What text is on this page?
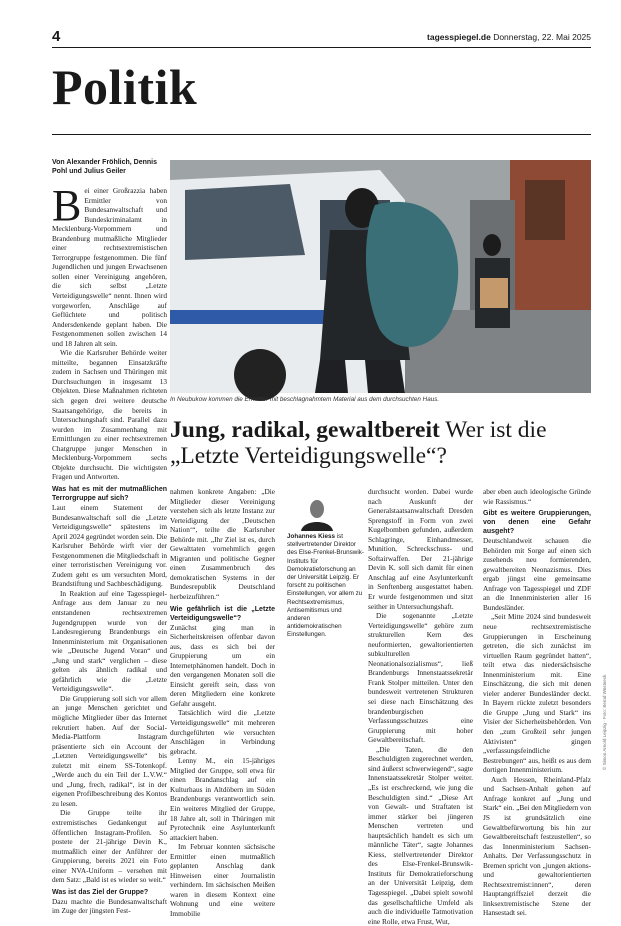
4	tagesspiegel.de Donnerstag, 22. Mai 2025
Politik
Von Alexander Fröhlich, Dennis Pohl und Julius Geiler

Bei einer Großrazzia haben Ermittler von Bundesanwaltschaft und Bundeskriminalamt in Mecklenburg-Vorpommern und Brandenburg mutmaßliche Mitglieder einer rechtsextremistischen Terrorgruppe festgenommen. Die fünf Jugendlichen und jungen Erwachsenen sollen einer Vereinigung angehören, die sich selbst „Letzte Verteidigungswelle“ nennt. Ihnen wird vorgeworfen, Anschläge auf Geflüchtete und politisch Andersdenkende geplant haben. Die Festgenommenen sollen zwischen 14 und 18 Jahren alt sein.

Wie die Karlsruher Behörde weiter mitteilte, begannen Einsatzkräfte zudem in Sachsen und Thüringen mit Durchsuchungen in insgesamt 13 Objekten. Diese Maßnahmen richteten sich gegen drei weitere deutsche Staatsangehörige, die bereits in Untersuchungshaft sind. Parallel dazu wurden im Zusammenhang mit Ermittlungen zu einer rechtsextremen Chatgruppe junger Menschen in Mecklenburg-Vorpommern sechs Objekte durchsucht. Die wichtigsten Fragen und Antworten.

Was hat es mit der mutmaßlichen Terrorgruppe auf sich?

Laut einem Statement der Bundesanwaltschaft soll die „Letzte Verteidigungswelle“ spätestens im April 2024 gegründet worden sein. Die Karlsruher Behörde wirft vier der Festgenommenen die Mitgliedschaft in einer terroristischen Vereinigung vor. Zudem geht es um versuchten Mord, Brandstiftung und Sachbeschädigung.

In Reaktion auf eine Tagesspiegel-Anfrage aus dem Januar zu neu entstandenen rechtsextremen Jugendgruppen wurde von der Landesregierung Brandenburgs ein Innenministerium mit Organisationen wie „Deutsche Jugend Voran“ und „Jung und stark“ verglichen – diese gelten als ähnlich radikal und gefährlich wie die „Letzte Verteidigungswelle“.

Die Gruppierung soll sich vor allem an junge Menschen gerichtet und mögliche Mitglieder über das Internet rekrutiert haben. Auf der Social-Media-Plattform Instagram präsentierte sich ein Account der „Letzten Verteidigungswelle“ bis zuletzt mit einem SS-Totenkopf. „Werde auch du ein Teil der L.V.W.“ und „Jung, frech, radikal“, ist in der eigenen Profilbeschreibung des Kontos zu lesen.

Die Gruppe teilte ihr extremistisches Gedankengut auf öffentlichen Instagram-Profilen. So postete der 21-jährige Devin K., mutmaßlich einer der Anführer der Gruppierung, bereits 2021 ein Foto einer NVA-Uniform – versehen mit dem Satz: „Bald ist es wieder so weit.“

Was ist das Ziel der Gruppe?

Dazu machte die Bundesanwaltschaft im Zuge der jüngsten Fest-

In Neubukow kommen die Ermittler mit beschlagnahmtem Material aus dem durchsuchten Haus.
Jung, radikal, gewaltbereit Wer ist die „Letzte Verteidigungswelle“?

nahmen konkrete Angaben: „Die Mitglieder dieser Vereinigung verstehen sich als letzte Instanz zur Verteidigung der ‚Deutschen Nation‘“, teilte die Karlsruher Behörde mit. „Ihr Ziel ist es, durch Gewalttaten vornehmlich gegen Migranten und politische Gegner einen Zusammenbruch des demokratischen Systems in der Bundesrepublik Deutschland herbeizuführen.“

Wie gefährlich ist die „Letzte Verteidigungswelle“?

Zunächst ging man in Sicherheitskreisen offenbar davon aus, dass es sich bei der Gruppierung um ein Internetphänomen handelt. Doch in den vergangenen Monaten soll die Einsicht gereift sein, dass von deren Mitgliedern eine konkrete Gefahr ausgeht.

Tatsächlich wird die „Letzte Verteidigungswelle“ mit mehreren durchgeführten wie versuchten Anschlägen in Verbindung gebracht.

Lenny M., ein 15-jähriges Mitglied der Gruppe, soll etwa für einen Brandanschlag auf ein Kulturhaus in Altdöbern im Süden Brandenburgs verantwortlich sein. Ein weiteres Mitglied der Gruppe, 18 Jahre alt, soll in Thüringen mit Pyrotechnik eine Asylunterkunft attackiert haben.

Im Februar konnten sächsische Ermittler einen mutmaßlich geplanten Anschlag dank Hinweisen einer Journalistin verhindern. Im sächsischen Meißen waren in diesem Kontext eine Wohnung und eine weitere Immobilie

Johannes Kiess ist stellvertretender Direktor des Else-Frenkel-Brunswik-Instituts für Demokratieforschung an der Universität Leipzig. Er forscht zu politischen Einstellungen, vor allem zu Rechtsextremismus, Antisemitismus und anderen antidemokratischen Einstellungen.

durchsucht worden. Dabei wurde nach Auskunft der Generalstaatsanwaltschaft Dresden Sprengstoff in Form von zwei Kugelbomben gefunden, außerdem Schlagringe, Einhandmesser, Munition, Schreckschuss- und Softairwaffen. Der 21-jährige Devin K. soll sich damit für einen Anschlag auf eine Asylunterkunft in Senftenberg ausgestattet haben. Er wurde festgenommen und sitzt seither in Untersuchungshaft.

Die sogenannte „Letzte Verteidigungswelle“ gehöre zum strukturellen Kern des neuformierten, gewaltorientierten subkulturellen Neonationalsozialismus“, ließ Brandenburgs Innenstaatssekretär Frank Stolper mitteilen. Unter den bundesweit vertretenen Strukturen sei diese nach Einschätzung des brandenburgischen Verfassungsschutzes eine Gruppierung mit hoher Gewaltbereitschaft.

„Die Taten, die den Beschuldigten zugerechnet werden, sind äußerst schwerwiegend“, sagte Innenstaatssekretär Stolper weiter. „Es ist erschreckend, wie jung die Beschuldigten sind.“ „Diese Art von Gewalt- und Straftaten ist immer stärker bei jüngeren Menschen vertreten und hauptsächlich handelt es sich um männliche Täter“, sagte Johannes Kiess, stellvertretender Direktor des Else-Frenkel-Brunswik-Instituts für Demokratieforschung an der Universität Leipzig, dem Tagesspiegel. „Dabei spielt sowohl das gesellschaftliche Umfeld als auch die individuelle Tatmotivation eine Rolle, etwa Frust, Wut,

aber eben auch ideologische Gründe wie Rassismus.“

Gibt es weitere Gruppierungen, von denen eine Gefahr ausgeht?

Deutschlandweit schauen die Behörden mit Sorge auf einen sich zusehends neu formierenden, gewaltbereiten Neonazismus. Dies ergab jüngst eine gemeinsame Anfrage von Tagesspiegel und ZDF an die Innenministerien aller 16 Bundesländer.

„Seit Mitte 2024 sind bundesweit neue rechtsextremistische Gruppierungen in Erscheinung getreten, die sich zunächst im virtuellen Raum gegründet hatten“, teilt etwa das niedersächsische Innenministerium mit. Eine Einschätzung, die sich mit denen vieler anderer Bundesländer deckt. In Bayern rückte zuletzt besonders die Gruppe „Jung und Stark“ ins Visier der Sicherheitsbehörden. Von den „zum Großteil sehr jungen Aktivisten“ gingen „verfassungsfeindliche Bestrebungen“ aus, heißt es aus dem dortigen Innenministerium.

Auch Hessen, Rheinland-Pfalz und Sachsen-Anhalt gehen auf Anfrage konkret auf „Jung und Stark“ ein. „Bei den Mitgliedern von JS ist grundsätzlich eine Gewaltbefürwortung bis hin zur Gewaltbereitschaft festzustellen“, so das Innenministerium Sachsen-Anhalts. Der Verfassungsschutz in Bremen spricht von „jungen aktions- und gewaltorientierten Rechtsextremist:innen“, deren Hauptangriffsziel derzeit die linksextremistische Szene der Hansestadt sei.

© Simon Arnold Leipzig · Foto: Bernd Wüstneck
